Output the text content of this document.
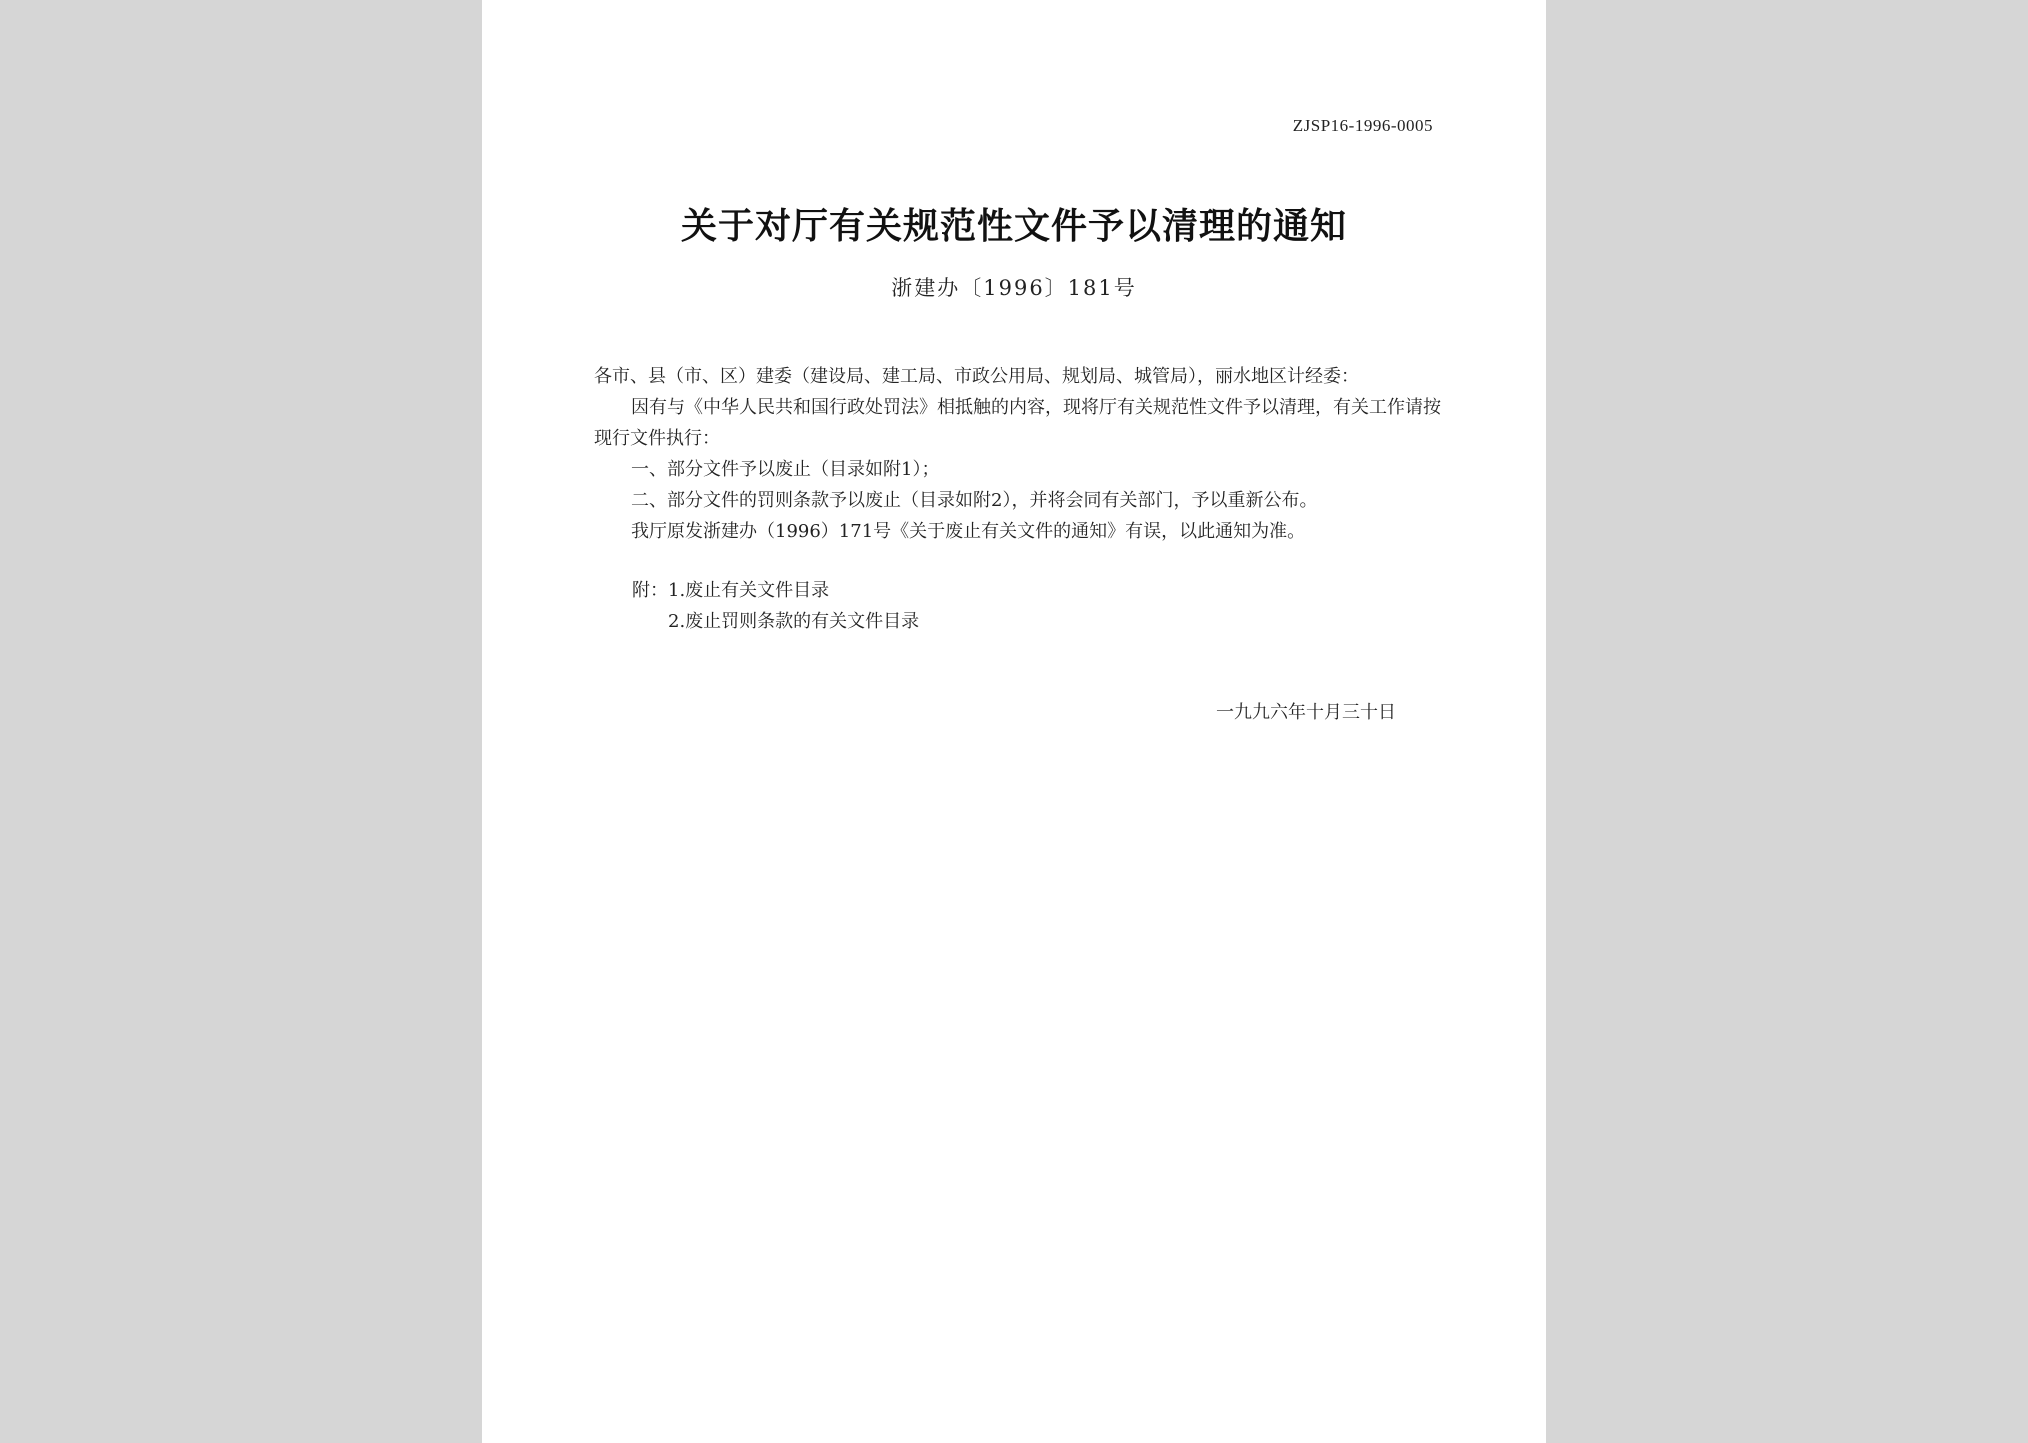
ZJSP16-1996-0005
关于对厅有关规范性文件予以清理的通知
浙建办〔1996〕181号

各市、县（市、区）建委（建设局、建工局、市政公用局、规划局、城管局），丽水地区计经委：

因有与《中华人民共和国行政处罚法》相抵触的内容，现将厅有关规范性文件予以清理，有关工作请按现行文件执行：

一、部分文件予以废止（目录如附1）；

二、部分文件的罚则条款予以废止（目录如附2），并将会同有关部门，予以重新公布。

我厅原发浙建办（1996）171号《关于废止有关文件的通知》有误，以此通知为准。

附：1.废止有关文件目录

2.废止罚则条款的有关文件目录

一九九六年十月三十日
